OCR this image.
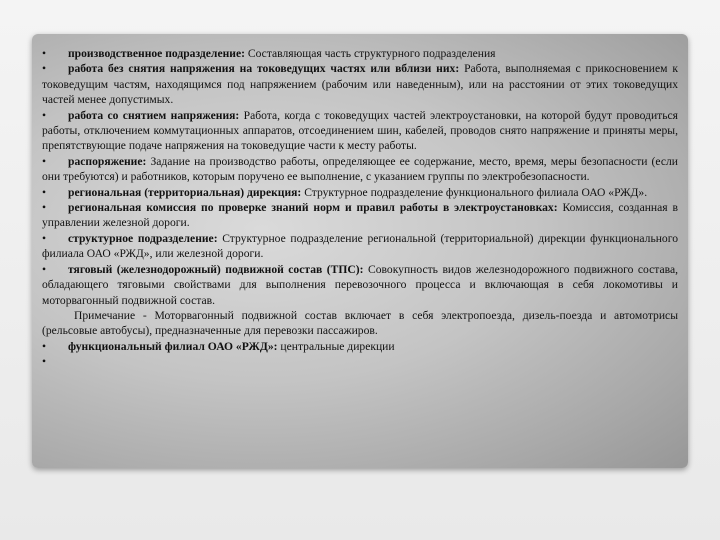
• производственное подразделение: Составляющая часть структурного подразделения

• работа без снятия напряжения на токоведущих частях или вблизи них: Работа, выполняемая с прикосновением к токоведущим частям, находящимся под напряжением (рабочим или наведенным), или на расстоянии от этих токоведущих частей менее допустимых.

• работа со снятием напряжения: Работа, когда с токоведущих частей электроустановки, на которой будут проводиться работы, отключением коммутационных аппаратов, отсоединением шин, кабелей, проводов снято напряжение и приняты меры, препятствующие подаче напряжения на токоведущие части к месту работы.

• распоряжение: Задание на производство работы, определяющее ее содержание, место, время, меры безопасности (если они требуются) и работников, которым поручено ее выполнение, с указанием группы по электробезопасности.

• региональная (территориальная) дирекция: Структурное подразделение функционального филиала ОАО «РЖД».

• региональная комиссия по проверке знаний норм и правил работы в электроустановках: Комиссия, созданная в управлении железной дороги.

• структурное подразделение: Структурное подразделение региональной (территориальной) дирекции функционального филиала ОАО «РЖД», или железной дороги.

• тяговый (железнодорожный) подвижной состав (ТПС): Совокупность видов железнодорожного подвижного состава, обладающего тяговыми свойствами для выполнения перевозочного процесса и включающая в себя локомотивы и моторвагонный подвижной состав.

Примечание - Моторвагонный подвижной состав включает в себя электропоезда, дизель-поезда и автомотрисы (рельсовые автобусы), предназначенные для перевозки пассажиров.

• функциональный филиал ОАО «РЖД»: центральные дирекции

•
